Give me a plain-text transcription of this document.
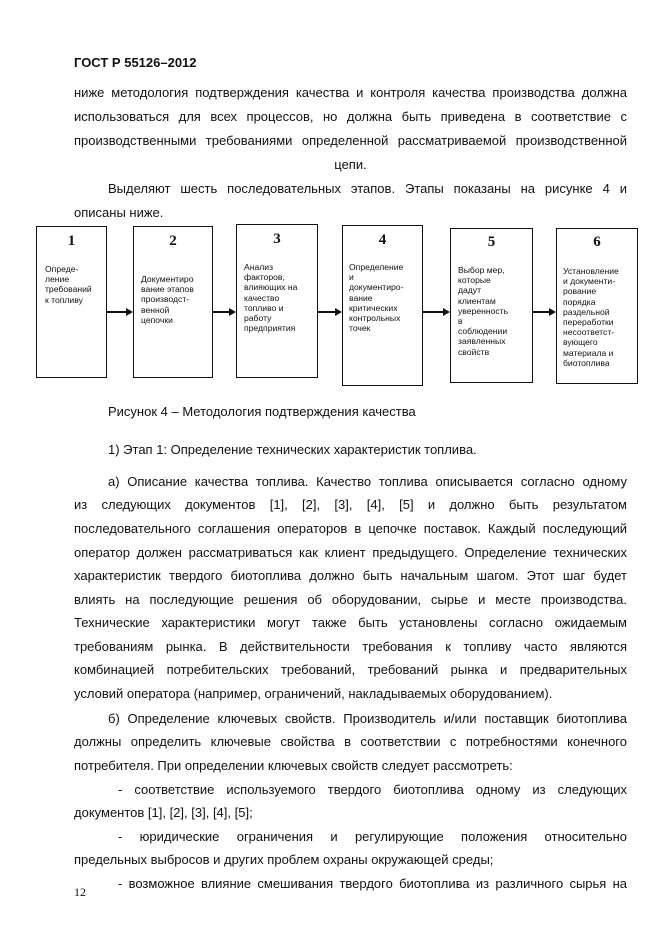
ГОСТ Р 55126–2012
ниже методология подтверждения качества и контроля качества производства должна
использоваться для всех процессов, но должна быть приведена в соответствие с
производственными требованиями определенной рассматриваемой производственной
цепи.
Выделяют шесть последовательных этапов. Этапы показаны на рисунке 4 и
описаны ниже.
1
Опреде-
ление
требований
к топливу
2
Документиро
вание этапов
производст-
венной
цепочки
3
Анализ
факторов,
влияющих на
качество
топливо и
работу
предприятия
4
Определение
и
документиро-
вание
критических
контрольных
точек
5
Выбор мер,
которые
дадут
клиентам
уверенность
в
соблюдении
заявленных
свойств
6
Установление
и документи-
рование
порядка
раздельной
переработки
несоответст-
вующего
материала и
биотоплива
Рисунок 4 – Методология подтверждения качества
1) Этап 1: Определение технических характеристик топлива.
а) Описание качества топлива. Качество топлива описывается согласно одному
из следующих документов [1], [2], [3], [4], [5] и должно быть результатом
последовательного соглашения операторов в цепочке поставок. Каждый последующий
оператор должен рассматриваться как клиент предыдущего. Определение технических
характеристик твердого биотоплива должно быть начальным шагом. Этот шаг будет
влиять на последующие решения об оборудовании, сырье и месте производства.
Технические характеристики могут также быть установлены согласно ожидаемым
требованиям рынка. В действительности требования к топливу часто являются
комбинацией потребительских требований, требований рынка и предварительных
условий оператора (например, ограничений, накладываемых оборудованием).
б) Определение ключевых свойств. Производитель и/или поставщик биотоплива
должны определить ключевые свойства в соответствии с потребностями конечного
потребителя. При определении ключевых свойств следует рассмотреть:
- соответствие используемого твердого биотоплива одному из следующих
документов [1], [2], [3], [4], [5];
- юридические ограничения и регулирующие положения относительно
предельных выбросов и других проблем охраны окружающей среды;
- возможное влияние смешивания твердого биотоплива из различного сырья на
12
